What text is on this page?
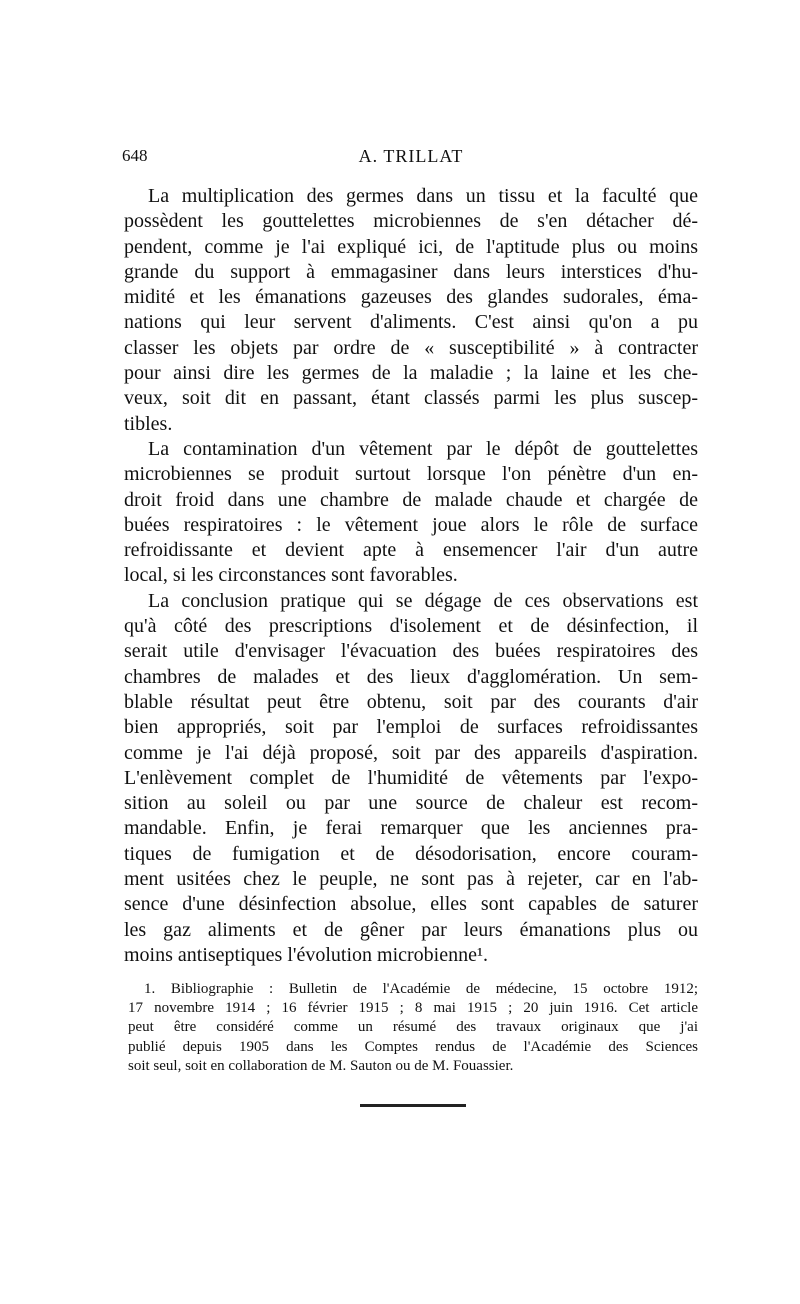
648	A. TRILLAT
La multiplication des germes dans un tissu et la faculté que
possèdent les gouttelettes microbiennes de s'en détacher dé-
pendent, comme je l'ai expliqué ici, de l'aptitude plus ou moins
grande du support à emmagasiner dans leurs interstices d'hu-
midité et les émanations gazeuses des glandes sudorales, éma-
nations qui leur servent d'aliments. C'est ainsi qu'on a pu
classer les objets par ordre de « susceptibilité » à contracter
pour ainsi dire les germes de la maladie ; la laine et les che-
veux, soit dit en passant, étant classés parmi les plus suscep-
tibles.
La contamination d'un vêtement par le dépôt de gouttelettes
microbiennes se produit surtout lorsque l'on pénètre d'un en-
droit froid dans une chambre de malade chaude et chargée de
buées respiratoires : le vêtement joue alors le rôle de surface
refroidissante et devient apte à ensemencer l'air d'un autre
local, si les circonstances sont favorables.
La conclusion pratique qui se dégage de ces observations est
qu'à côté des prescriptions d'isolement et de désinfection, il
serait utile d'envisager l'évacuation des buées respiratoires des
chambres de malades et des lieux d'agglomération. Un sem-
blable résultat peut être obtenu, soit par des courants d'air
bien appropriés, soit par l'emploi de surfaces refroidissantes
comme je l'ai déjà proposé, soit par des appareils d'aspiration.
L'enlèvement complet de l'humidité de vêtements par l'expo-
sition au soleil ou par une source de chaleur est recom-
mandable. Enfin, je ferai remarquer que les anciennes pra-
tiques de fumigation et de désodorisation, encore couram-
ment usitées chez le peuple, ne sont pas à rejeter, car en l'ab-
sence d'une désinfection absolue, elles sont capables de saturer
les gaz aliments et de gêner par leurs émanations plus ou
moins antiseptiques l'évolution microbienne¹.
1. Bibliographie : Bulletin de l'Académie de médecine, 15 octobre 1912;
17 novembre 1914 ; 16 février 1915 ; 8 mai 1915 ; 20 juin 1916. Cet article
peut être considéré comme un résumé des travaux originaux que j'ai
publié depuis 1905 dans les Comptes rendus de l'Académie des Sciences
soit seul, soit en collaboration de M. Sauton ou de M. Fouassier.
